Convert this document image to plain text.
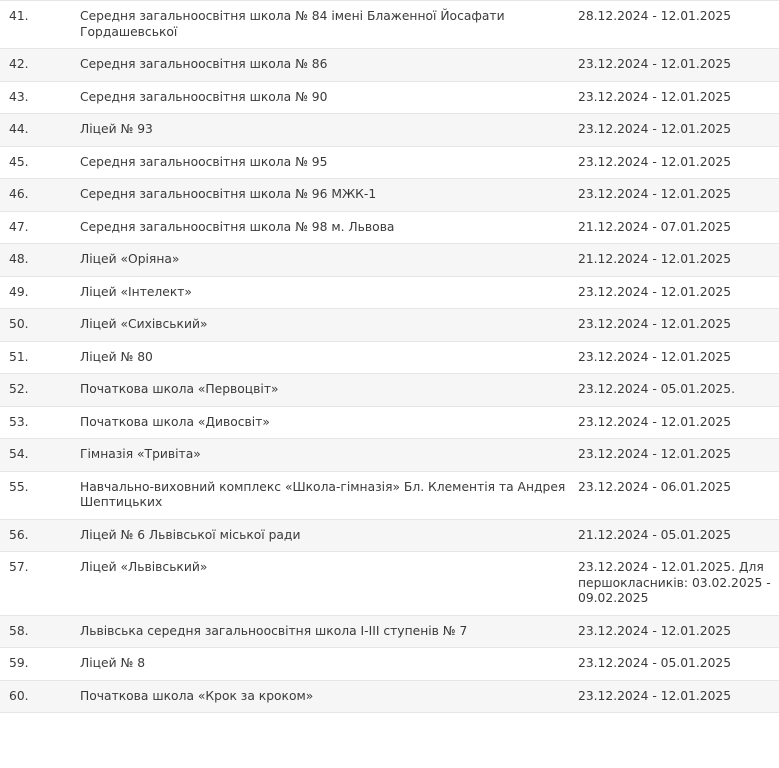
41.	Середня загальноосвітня школа № 84 імені Блаженної Йосафати Гордашевської	28.12.2024 - 12.01.2025
42.	Середня загальноосвітня школа № 86	23.12.2024 - 12.01.2025
43.	Середня загальноосвітня школа № 90	23.12.2024 - 12.01.2025
44.	Ліцей № 93	23.12.2024 - 12.01.2025
45.	Середня загальноосвітня школа № 95	23.12.2024 - 12.01.2025
46.	Середня загальноосвітня школа № 96 МЖК-1	23.12.2024 - 12.01.2025
47.	Середня загальноосвітня школа № 98 м. Львова	21.12.2024 - 07.01.2025
48.	Ліцей «Оріяна»	21.12.2024 - 12.01.2025
49.	Ліцей «Інтелект»	23.12.2024 - 12.01.2025
50.	Ліцей «Сихівський»	23.12.2024 - 12.01.2025
51.	Ліцей № 80	23.12.2024 - 12.01.2025
52.	Початкова школа «Первоцвіт»	23.12.2024 - 05.01.2025.
53.	Початкова школа «Дивосвіт»	23.12.2024 - 12.01.2025
54.	Гімназія «Тривіта»	23.12.2024 - 12.01.2025
55.	Навчально-виховний комплекс «Школа-гімназія» Бл. Клементія та Андрея Шептицьких	23.12.2024 - 06.01.2025
56.	Ліцей № 6 Львівської міської ради	21.12.2024 - 05.01.2025
57.	Ліцей «Львівський»	23.12.2024 - 12.01.2025. Для першокласників: 03.02.2025 - 09.02.2025
58.	Львівська середня загальноосвітня школа I-III ступенів № 7	23.12.2024 - 12.01.2025
59.	Ліцей № 8	23.12.2024 - 05.01.2025
60.	Початкова школа «Крок за кроком»	23.12.2024 - 12.01.2025
